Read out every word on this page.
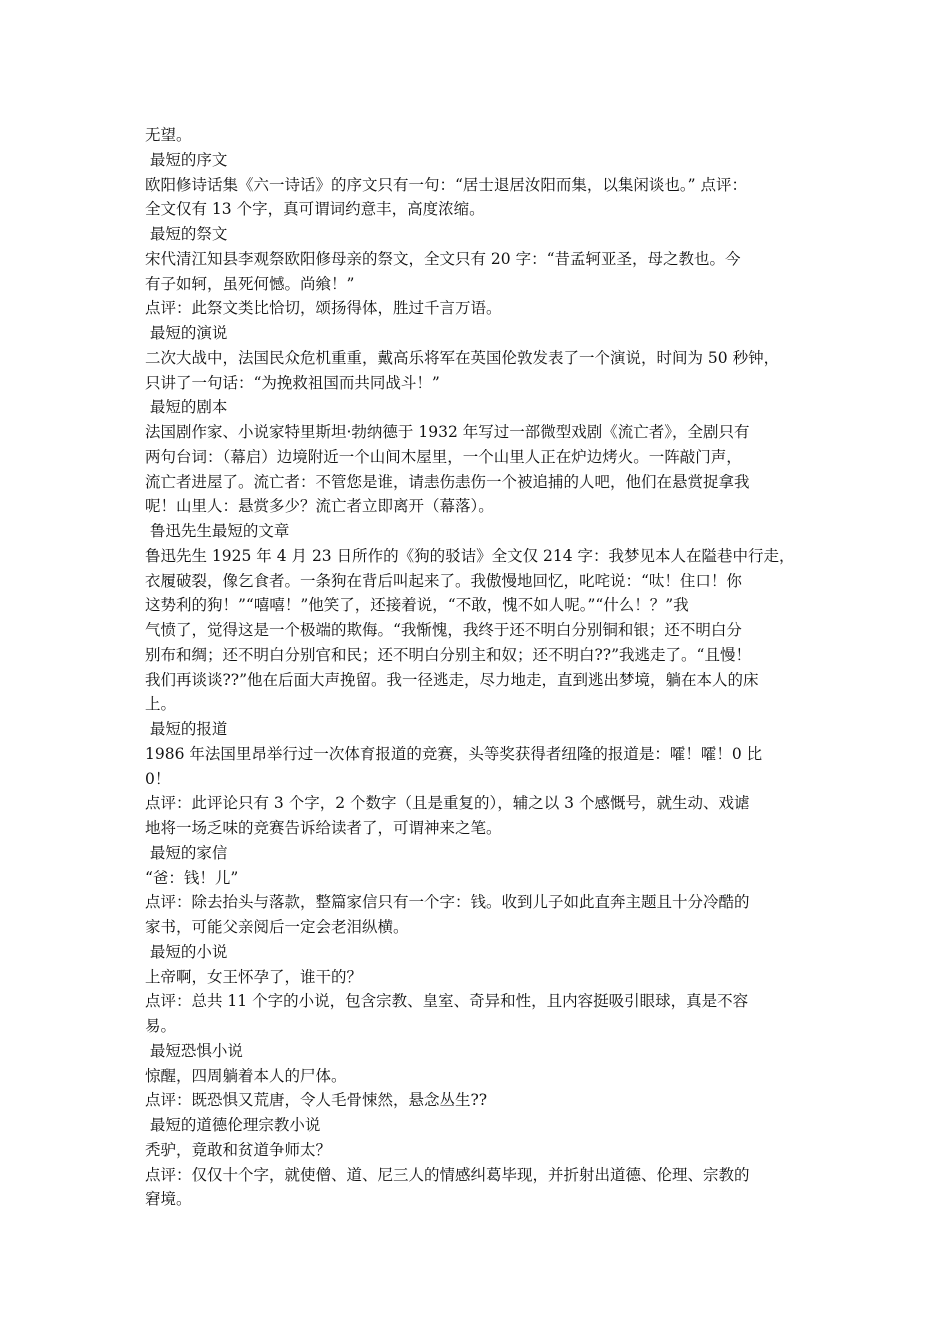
无望。
最短的序文
欧阳修诗话集《六一诗话》的序文只有一句：“居士退居汝阳而集，以集闲谈也。” 点评：
全文仅有 13 个字，真可谓词约意丰，高度浓缩。
最短的祭文
宋代清江知县李观祭欧阳修母亲的祭文，全文只有 20 字：“昔孟轲亚圣，母之教也。今
有子如轲，虽死何憾。尚飨！”
点评：此祭文类比恰切，颂扬得体，胜过千言万语。
最短的演说
二次大战中，法国民众危机重重，戴高乐将军在英国伦敦发表了一个演说，时间为 50 秒钟，
只讲了一句话：“为挽救祖国而共同战斗！”
最短的剧本
法国剧作家、小说家特里斯坦·勃纳德于 1932 年写过一部微型戏剧《流亡者》，全剧只有
两句台词：（幕启）边境附近一个山间木屋里，一个山里人正在炉边烤火。一阵敲门声，
流亡者进屋了。流亡者：不管您是谁，请恚伤恚伤一个被追捕的人吧，他们在悬赏捉拿我
呢！山里人：悬赏多少？流亡者立即离开（幕落）。
鲁迅先生最短的文章
鲁迅先生 1925 年 4 月 23 日所作的《狗的驳诘》全文仅 214 字：我梦见本人在隘巷中行走，
衣履破裂，像乞食者。一条狗在背后叫起来了。我傲慢地回忆，叱咤说：“呔！住口！你
这势利的狗！”“嘻嘻！”他笑了，还接着说，“不敢，愧不如人呢。”“什么！？”我
气愤了，觉得这是一个极端的欺侮。“我惭愧，我终于还不明白分别铜和银；还不明白分
别布和绸；还不明白分别官和民；还不明白分别主和奴；还不明白??”我逃走了。“且慢！
我们再谈谈??”他在后面大声挽留。我一径逃走，尽力地走，直到逃出梦境，躺在本人的床
上。
最短的报道
1986 年法国里昂举行过一次体育报道的竞赛，头等奖获得者纽隆的报道是：嚯！嚯！0 比
0！
点评：此评论只有 3 个字，2 个数字（且是重复的），辅之以 3 个感慨号，就生动、戏谑
地将一场乏味的竞赛告诉给读者了，可谓神来之笔。
最短的家信
“爸：钱！儿”
点评：除去抬头与落款，整篇家信只有一个字：钱。收到儿子如此直奔主题且十分冷酷的
家书，可能父亲阅后一定会老泪纵横。
最短的小说
上帝啊，女王怀孕了，谁干的？
点评：总共 11 个字的小说，包含宗教、皇室、奇异和性，且内容挺吸引眼球，真是不容
易。
最短恐惧小说
惊醒，四周躺着本人的尸体。
点评：既恐惧又荒唐，令人毛骨悚然，悬念丛生??
最短的道德伦理宗教小说
秃驴，竟敢和贫道争师太？
点评：仅仅十个字，就使僧、道、尼三人的情感纠葛毕现，并折射出道德、伦理、宗教的
窘境。
